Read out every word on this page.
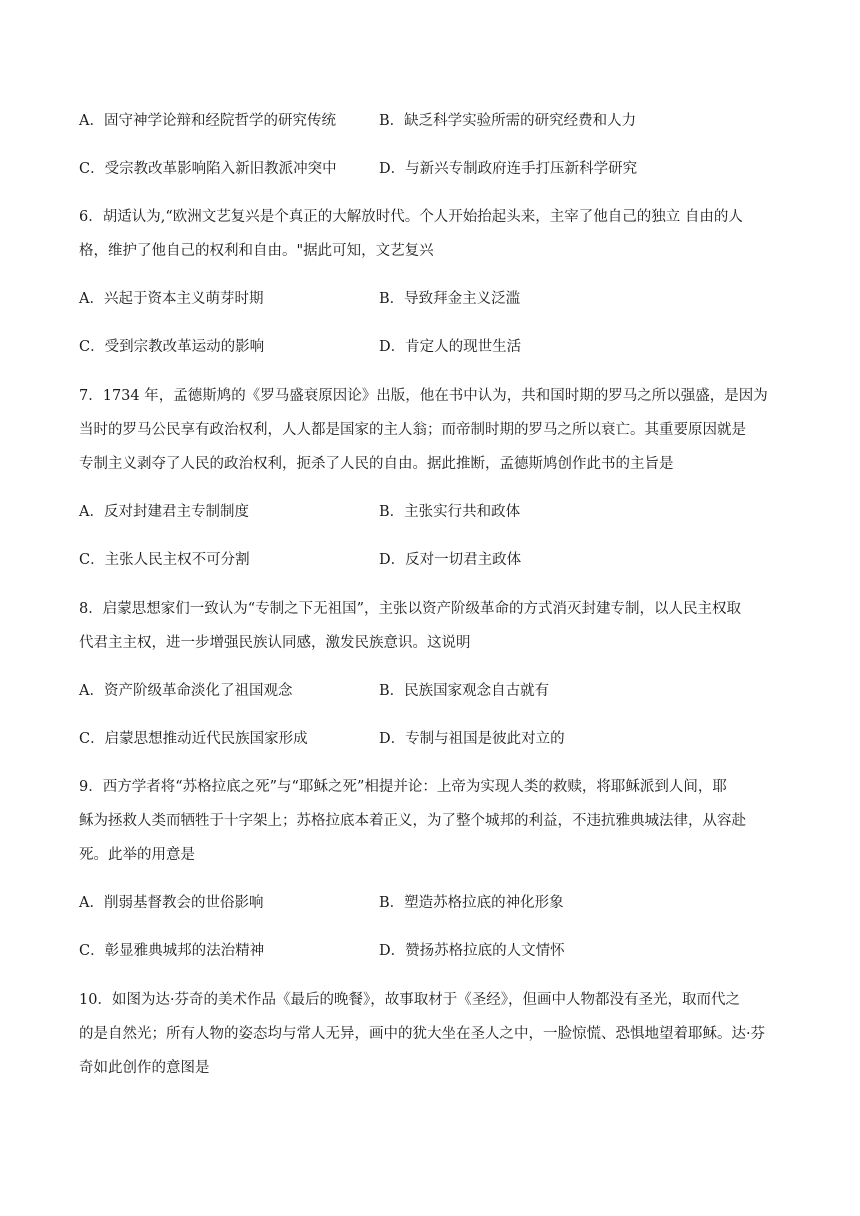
A．固守神学论辩和经院哲学的研究传统	B．缺乏科学实验所需的研究经费和人力
C．受宗教改革影响陷入新旧教派冲突中	D．与新兴专制政府连手打压新科学研究
6．胡适认为,“欧洲文艺复兴是个真正的大解放时代。个人开始抬起头来，主宰了他自己的独立 自由的人
格，维护了他自己的权利和自由。"据此可知，文艺复兴
A．兴起于资本主义萌芽时期	B．导致拜金主义泛滥
C．受到宗教改革运动的影响	D．肯定人的现世生活
7．1734 年，孟德斯鸠的《罗马盛衰原因论》出版，他在书中认为，共和国时期的罗马之所以强盛，是因为
当时的罗马公民享有政治权利，人人都是国家的主人翁；而帝制时期的罗马之所以衰亡。其重要原因就是
专制主义剥夺了人民的政治权利，扼杀了人民的自由。据此推断，孟德斯鸠创作此书的主旨是
A．反对封建君主专制制度	B．主张实行共和政体
C．主张人民主权不可分割	D．反对一切君主政体
8．启蒙思想家们一致认为“专制之下无祖国”，主张以资产阶级革命的方式消灭封建专制，以人民主权取
代君主主权，进一步增强民族认同感，激发民族意识。这说明
A．资产阶级革命淡化了祖国观念	B．民族国家观念自古就有
C．启蒙思想推动近代民族国家形成	D．专制与祖国是彼此对立的
9．西方学者将“苏格拉底之死”与“耶稣之死”相提并论：上帝为实现人类的救赎，将耶稣派到人间，耶
稣为拯救人类而牺牲于十字架上；苏格拉底本着正义，为了整个城邦的利益，不违抗雅典城法律，从容赴
死。此举的用意是
A．削弱基督教会的世俗影响	B．塑造苏格拉底的神化形象
C．彰显雅典城邦的法治精神	D．赞扬苏格拉底的人文情怀
10．如图为达·芬奇的美术作品《最后的晚餐》，故事取材于《圣经》，但画中人物都没有圣光，取而代之
的是自然光；所有人物的姿态均与常人无异，画中的犹大坐在圣人之中，一脸惊慌、恐惧地望着耶稣。达·芬
奇如此创作的意图是
